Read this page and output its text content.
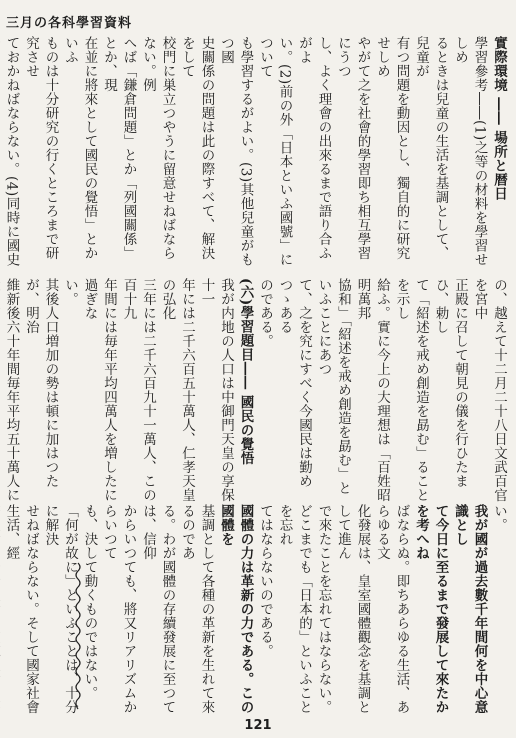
三月の各科學習資料

實際環境 ―― 場所と暦日

學習參考――(1)之等の材料を學習せしめ

るときは兒童の生活を基調として、兒童が

有つ問題を動因とし、獨自的に研究せしめ

やがて之を社會的學習即ち相互學習にうつ

し、よく理會の出來るまで語り合ふがよ

い。(2)前の外「日本といふ國號」について

も學習するがよい。(3)其他兒童がもつ國

史關係の問題は此の際すべて、解決をして

校門に巣立つやうに留意せねばならない。例

へば「鎌倉問題」とか「列國關係」とか、現

在並に將來として國民の覺悟」とかいふ

ものは十分研究の行くところまで研究させ

ておかねばならない。(4)同時に國史

の、越えて十二月二十八日文武百官を宮中

正殿に召して朝見の儀を行ひたまひ、勅し

て「紹述を戒め創造を勗む」ることを示し

給ふ。實に今上の大理想は「百姓昭明萬邦

協和」「紹述を戒め創造を勗む」といふことにあつ

て、之を究にすべく今國民は勤めつゝある

のである。

(六)學習題目―― 國民の覺悟

我が内地の人口は中御門天皇の享保十一

年には二千六百五十萬人、仁孝天皇の弘化

三年には二千六百九十一萬人、この百十九

年間には毎年平均四萬人を増したに過ぎな

い。

其後人口増加の勢は頓に加はつたが、明治

維新後六十年間毎年平均五十萬人に

い。

我が國が過去數千年間何を中心意識とし

て今日に至るまで發展して來たかを考へね

ばならぬ。即ちあらゆる生活、あらゆる文

化發展は、皇室國體觀念を基調として進ん

で來たことを忘れてはならない。

どこまでも「日本的」といふことを忘れ

てはならないのである。

國體の力は革新の力である。この國體を

基調として各種の革新を生れて來るのであ

る。わが國體の存續發展に至つては、信仰

からいつても、將又リアリズムからいつて

も、決して動くものではない。

「何が故に」といふことは、十分に解決

せねばならない。そして國家社會生活、經

121
